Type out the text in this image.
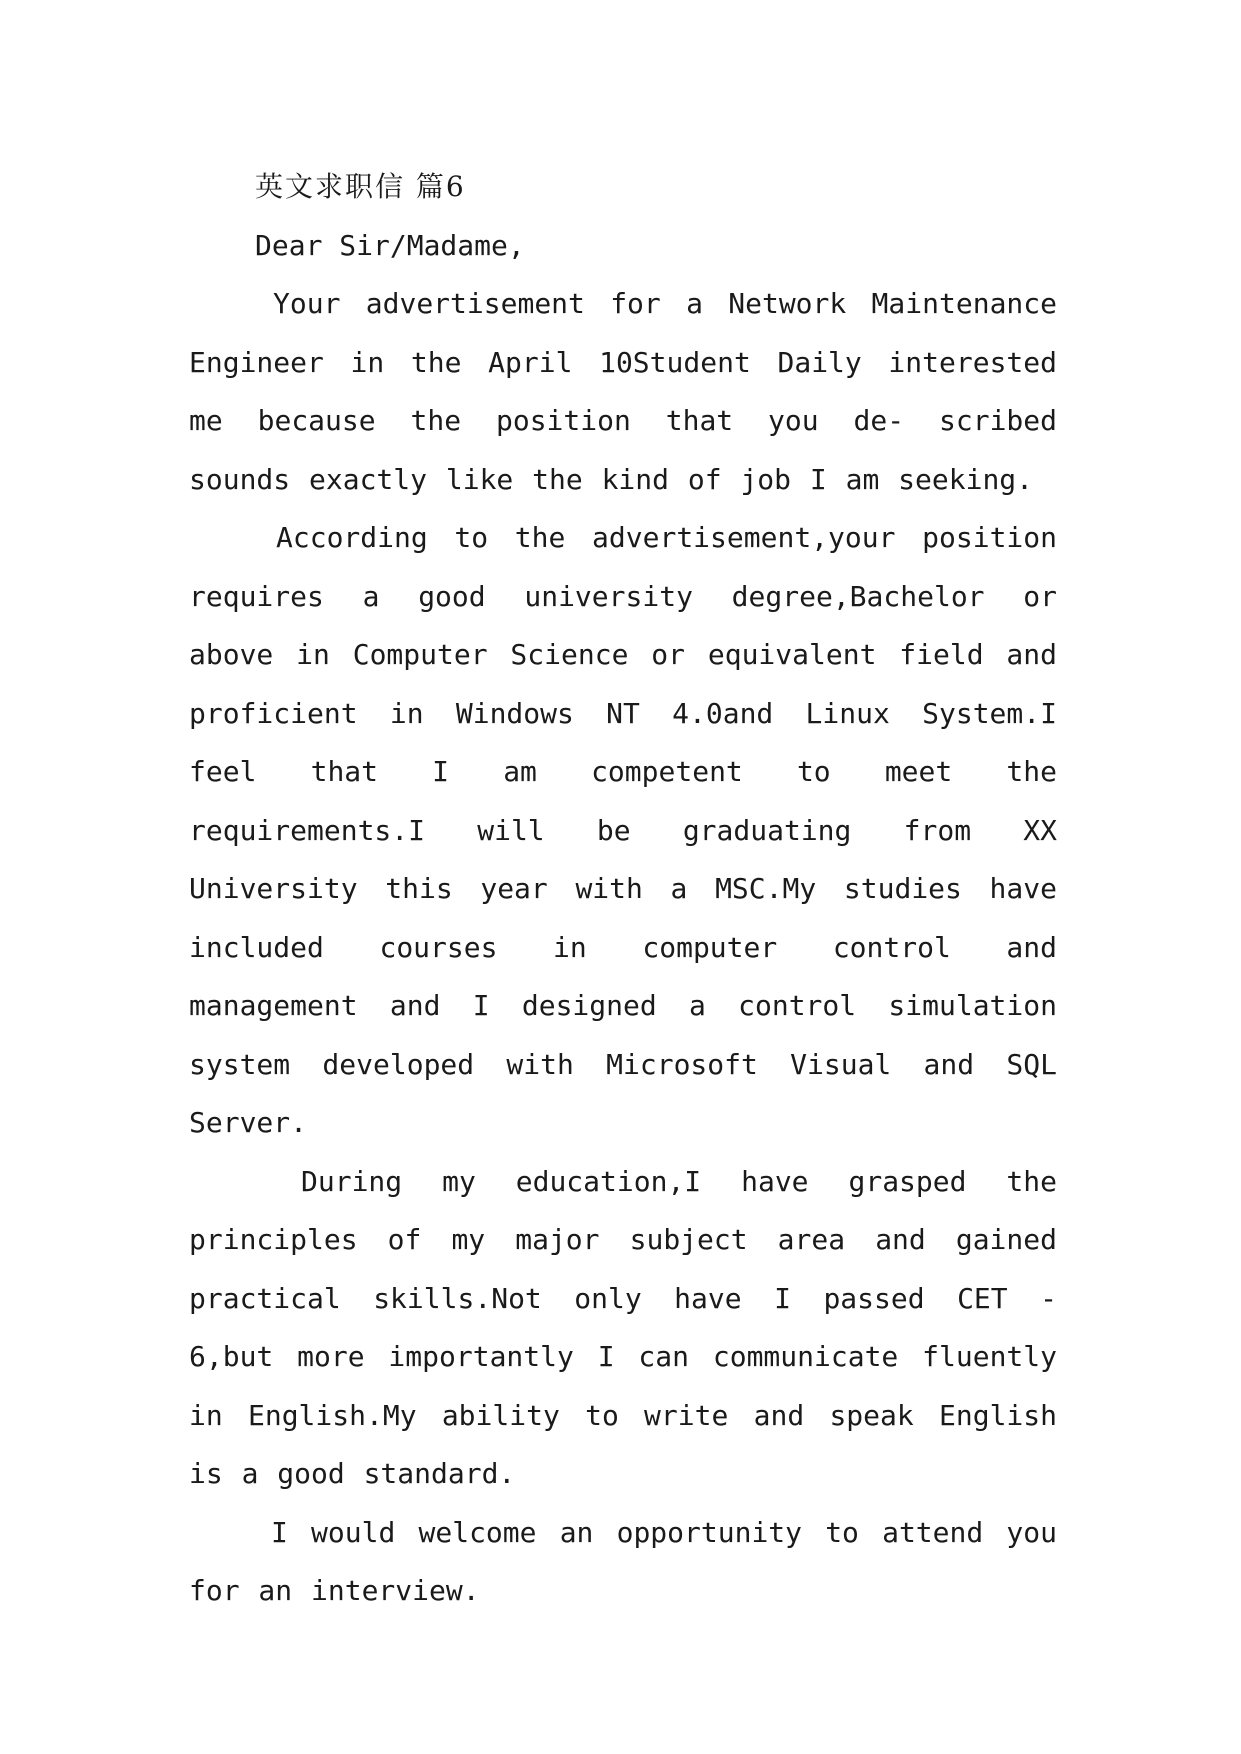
英文求职信 篇6

Dear Sir/Madame,

Your advertisement for a Network Maintenance Engineer in the April 10Student Daily interested me because the position that you de- scribed sounds exactly like the kind of job I am seeking.

According to the advertisement,your position requires a good university degree,Bachelor or above in Computer Science or equivalent field and proficient in Windows NT 4.0and Linux System.I feel that I am competent to meet the requirements.I will be graduating from XX University this year with a MSC.My studies have included courses in computer control and management and I designed a control simulation system developed with Microsoft Visual and SQL Server.

During my education,I have grasped the principles of my major subject area and gained practical skills.Not only have I passed CET - 6,but more importantly I can communicate fluently in English.My ability to write and speak English is a good standard.

I would welcome an opportunity to attend you for an interview.
